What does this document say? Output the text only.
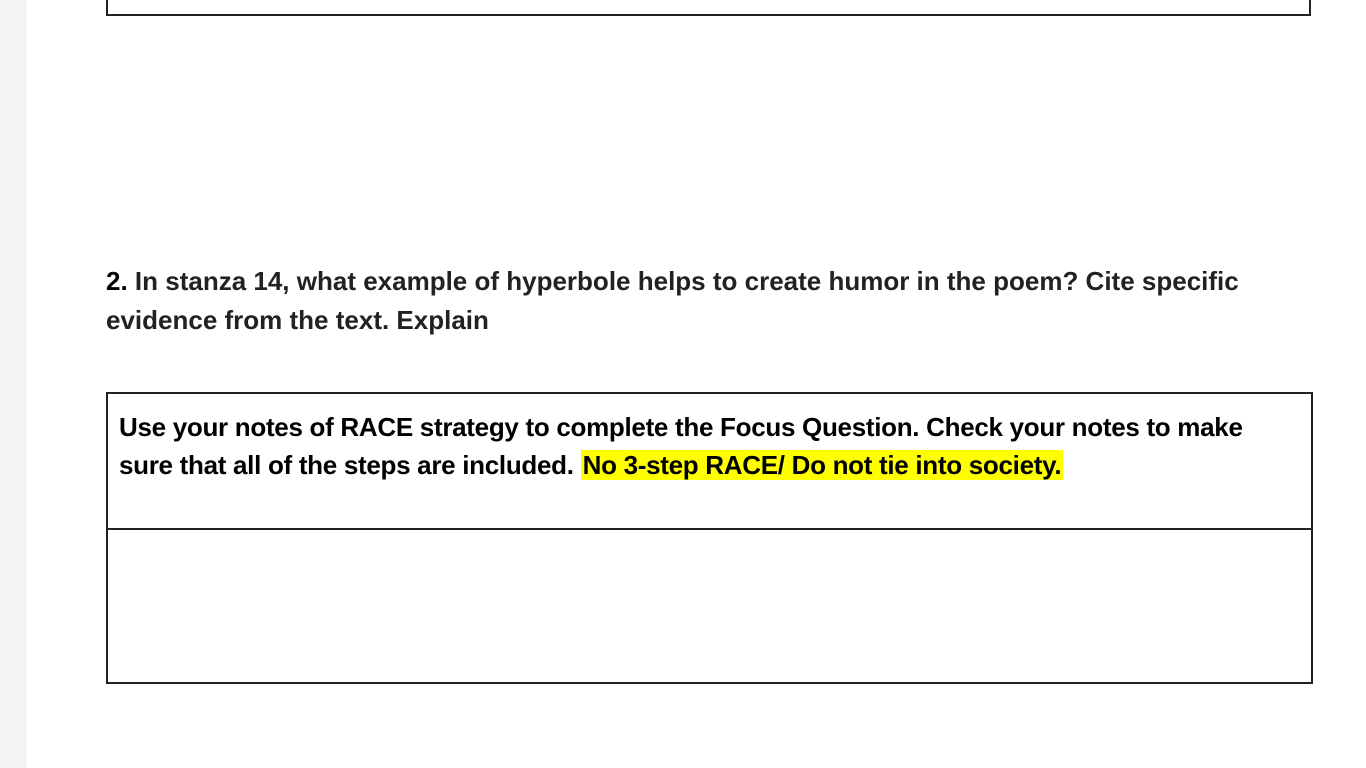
2. In stanza 14, what example of hyperbole helps to create humor in the poem? Cite specific evidence from the text. Explain
Use your notes of RACE strategy to complete the Focus Question. Check your notes to make sure that all of the steps are included. No 3-step RACE/ Do not tie into society.
